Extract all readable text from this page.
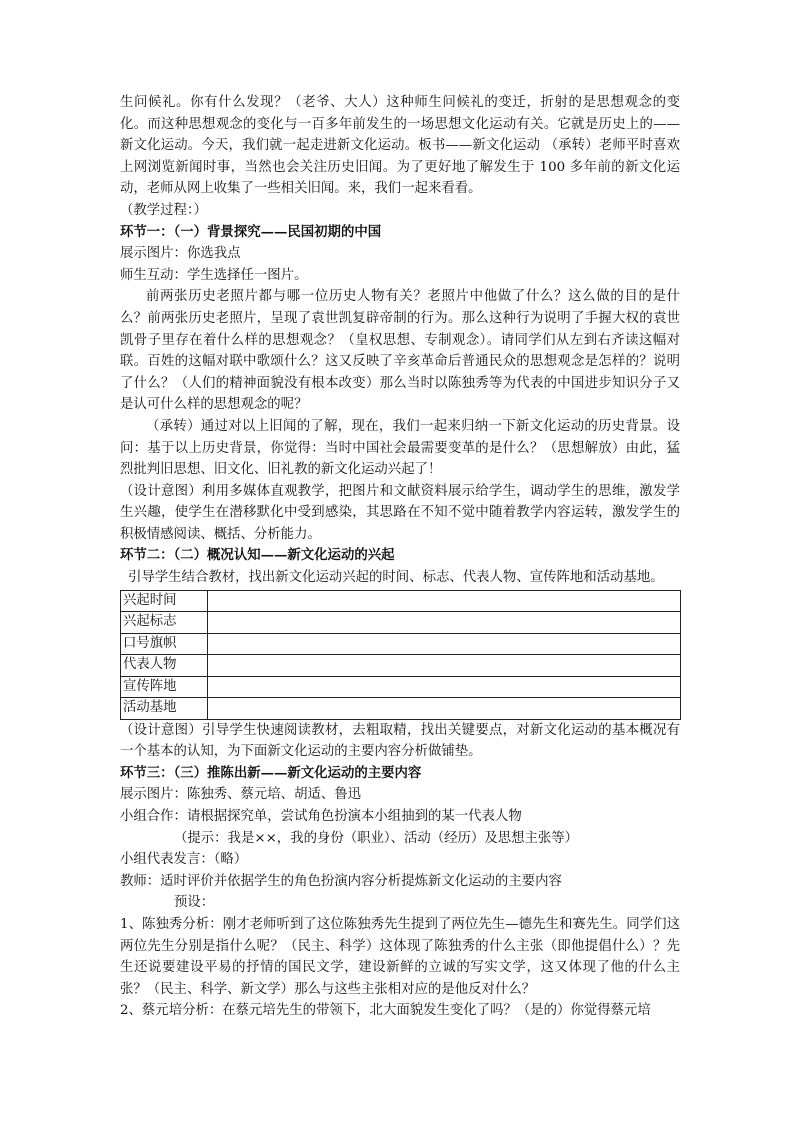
生问候礼。你有什么发现？（老爷、大人）这种师生问候礼的变迁，折射的是思想观念的变化。而这种思想观念的变化与一百多年前发生的一场思想文化运动有关。它就是历史上的——新文化运动。今天，我们就一起走进新文化运动。板书——新文化运动 （承转）老师平时喜欢上网浏览新闻时事，当然也会关注历史旧闻。为了更好地了解发生于 100 多年前的新文化运动，老师从网上收集了一些相关旧闻。来，我们一起来看看。

（教学过程：）

环节一：（一）背景探究——民国初期的中国

展示图片：你选我点

师生互动：学生选择任一图片。

前两张历史老照片都与哪一位历史人物有关？老照片中他做了什么？这么做的目的是什么？前两张历史老照片，呈现了袁世凯复辟帝制的行为。那么这种行为说明了手握大权的袁世凯骨子里存在着什么样的思想观念？（皇权思想、专制观念）。请同学们从左到右齐读这幅对联。百姓的这幅对联中歌颂什么？这又反映了辛亥革命后普通民众的思想观念是怎样的？说明了什么？（人们的精神面貌没有根本改变）那么当时以陈独秀等为代表的中国进步知识分子又是认可什么样的思想观念的呢？

（承转）通过对以上旧闻的了解，现在，我们一起来归纳一下新文化运动的历史背景。设问：基于以上历史背景，你觉得：当时中国社会最需要变革的是什么？（思想解放）由此，猛烈批判旧思想、旧文化、旧礼教的新文化运动兴起了！

（设计意图）利用多媒体直观教学，把图片和文献资料展示给学生，调动学生的思维，激发学生兴趣，使学生在潜移默化中受到感染，其思路在不知不觉中随着教学内容运转，激发学生的积极情感阅读、概括、分析能力。

环节二：（二）概况认知——新文化运动的兴起

引导学生结合教材，找出新文化运动兴起的时间、标志、代表人物、宣传阵地和活动基地。

兴起时间	
兴起标志	
口号旗帜	
代表人物	
宣传阵地	
活动基地	

（设计意图）引导学生快速阅读教材，去粗取精，找出关键要点，对新文化运动的基本概况有一个基本的认知，为下面新文化运动的主要内容分析做铺垫。

环节三：（三）推陈出新——新文化运动的主要内容

展示图片：陈独秀、蔡元培、胡适、鲁迅

小组合作：请根据探究单，尝试角色扮演本小组抽到的某一代表人物

（提示：我是××，我的身份（职业）、活动（经历）及思想主张等）

小组代表发言：（略）

教师：适时评价并依据学生的角色扮演内容分析提炼新文化运动的主要内容

预设：

1、陈独秀分析：刚才老师听到了这位陈独秀先生提到了两位先生—德先生和赛先生。同学们这两位先生分别是指什么呢？（民主、科学）这体现了陈独秀的什么主张（即他提倡什么）？先生还说要建设平易的抒情的国民文学，建设新鲜的立诚的写实文学，这又体现了他的什么主张？（民主、科学、新文学）那么与这些主张相对应的是他反对什么？

2、蔡元培分析：在蔡元培先生的带领下，北大面貌发生变化了吗？（是的）你觉得蔡元培
